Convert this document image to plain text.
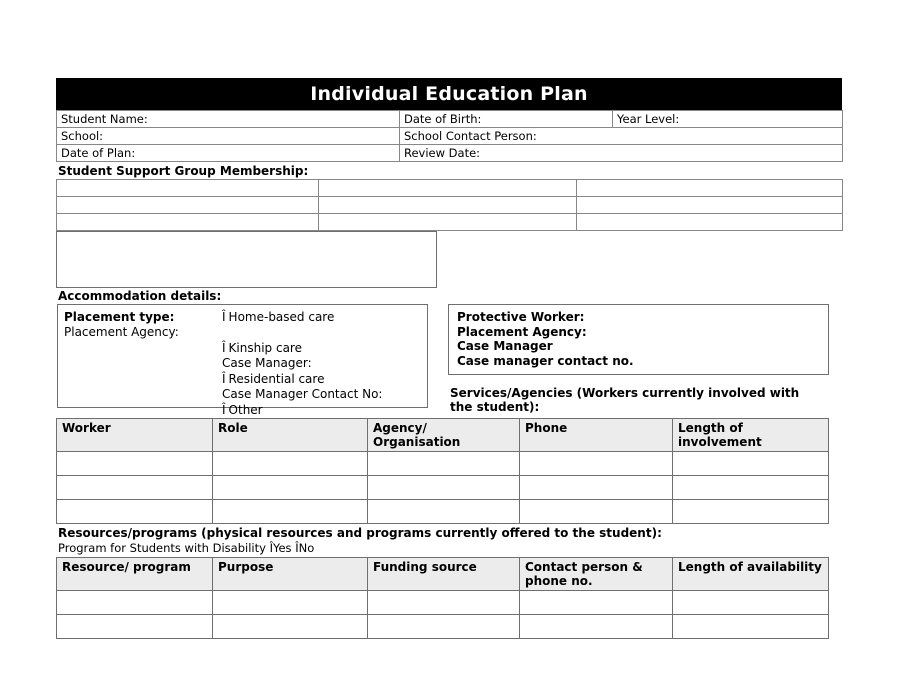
Individual Education Plan
Student Name:	Date of Birth:	Year Level:
School:	School Contact Person:	
Date of Plan:	Review Date:	
Student Support Group Membership:

Accommodation details:
Placement type:
Placement Agency:
Î Home-based care
Î Kinship care
Case Manager:
Î Residential care
Case Manager Contact No:
Î Other
Protective Worker:
Placement Agency:
Case Manager
Case manager contact no.
Services/Agencies (Workers currently involved with the student):
Worker	Role	Agency/ Organisation	Phone	Length of involvement

Resources/programs (physical resources and programs currently offered to the student):
Program for Students with Disability ÎYes ÎNo
Resource/ program	Purpose	Funding source	Contact person & phone no.	Length of availability
